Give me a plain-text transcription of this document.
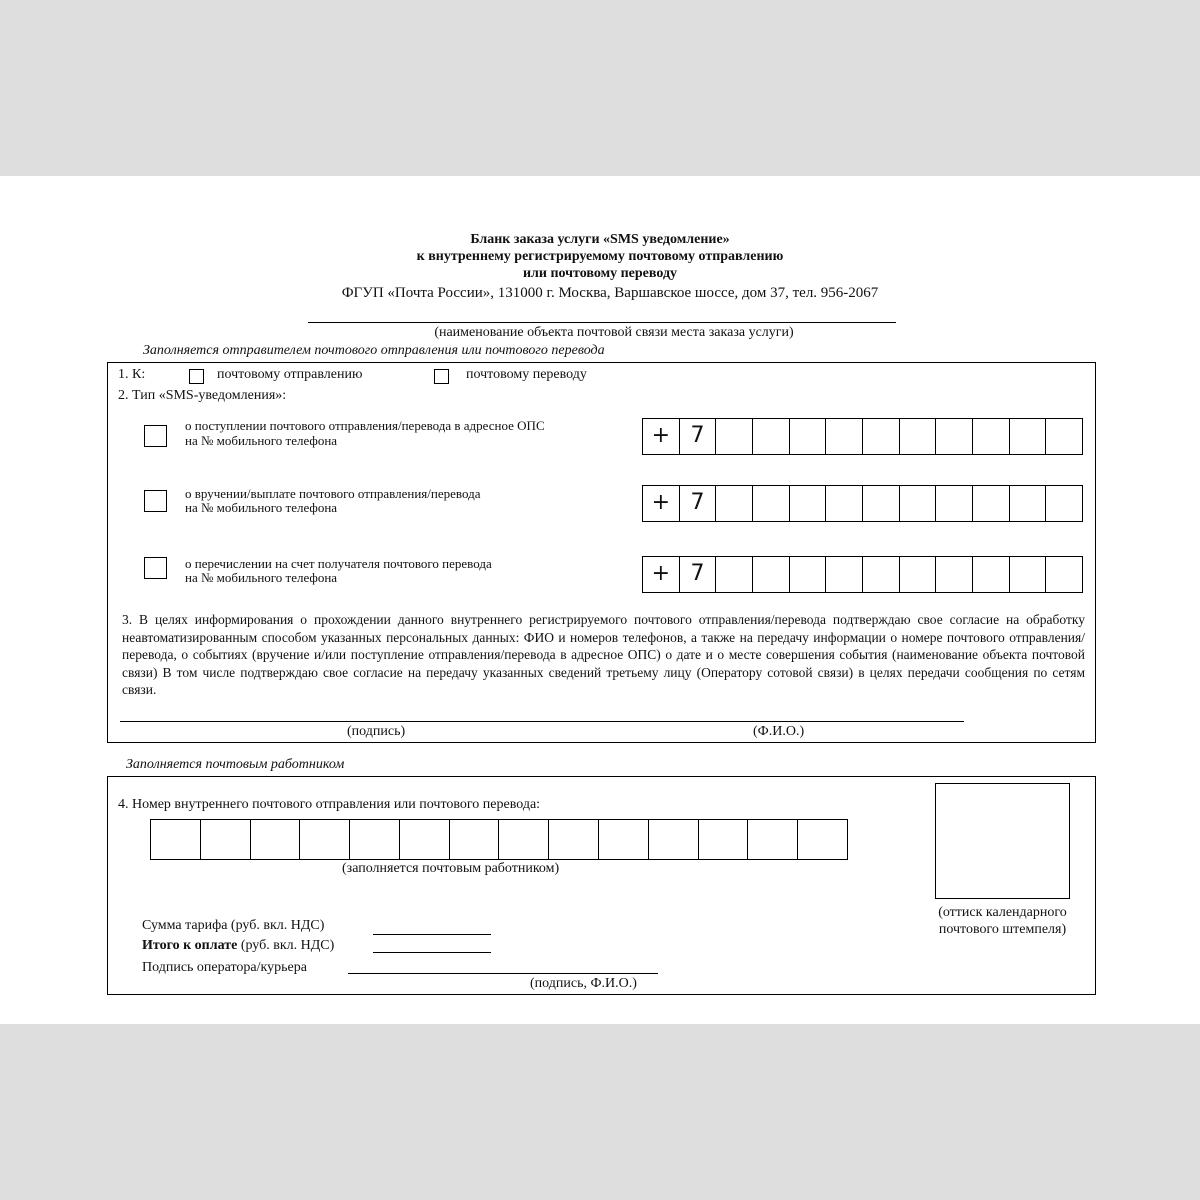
Бланк заказа услуги «SMS уведомление»
к внутреннему регистрируемому почтовому отправлению
или почтовому переводу
ФГУП «Почта России», 131000 г. Москва, Варшавское шоссе, дом 37, тел. 956-2067
(наименование объекта почтовой связи места заказа услуги)
Заполняется отправителем почтового отправления или почтового перевода
1. К:	почтовому отправлению	почтовому переводу
2. Тип «SMS-уведомления»:
о поступлении почтового отправления/перевода в адресное ОПС
на № мобильного телефона	+ 7
о вручении/выплате почтового отправления/перевода
на № мобильного телефона	+ 7
о перечислении на счет получателя почтового перевода
на № мобильного телефона	+ 7
3. В целях информирования о прохождении данного внутреннего регистрируемого почтового отправления/перевода подтверждаю свое согласие на обработку неавтоматизированным способом указанных персональных данных: ФИО и номеров телефонов, а также на передачу информации о номере почтового отправления/перевода, о событиях (вручение и/или поступление отправления/перевода в адресное ОПС) о дате и о месте совершения события (наименование объекта почтовой связи) В том числе подтверждаю свое согласие на передачу указанных сведений третьему лицу (Оператору сотовой связи) в целях передачи сообщения по сетям связи.
(подпись)	(Ф.И.О.)
Заполняется почтовым работником
4. Номер внутреннего почтового отправления или почтового перевода:
(заполняется почтовым работником)
(оттиск календарного
почтового штемпеля)
Сумма тарифа (руб. вкл. НДС)
Итого к оплате (руб. вкл. НДС)
Подпись оператора/курьера
(подпись, Ф.И.О.)
